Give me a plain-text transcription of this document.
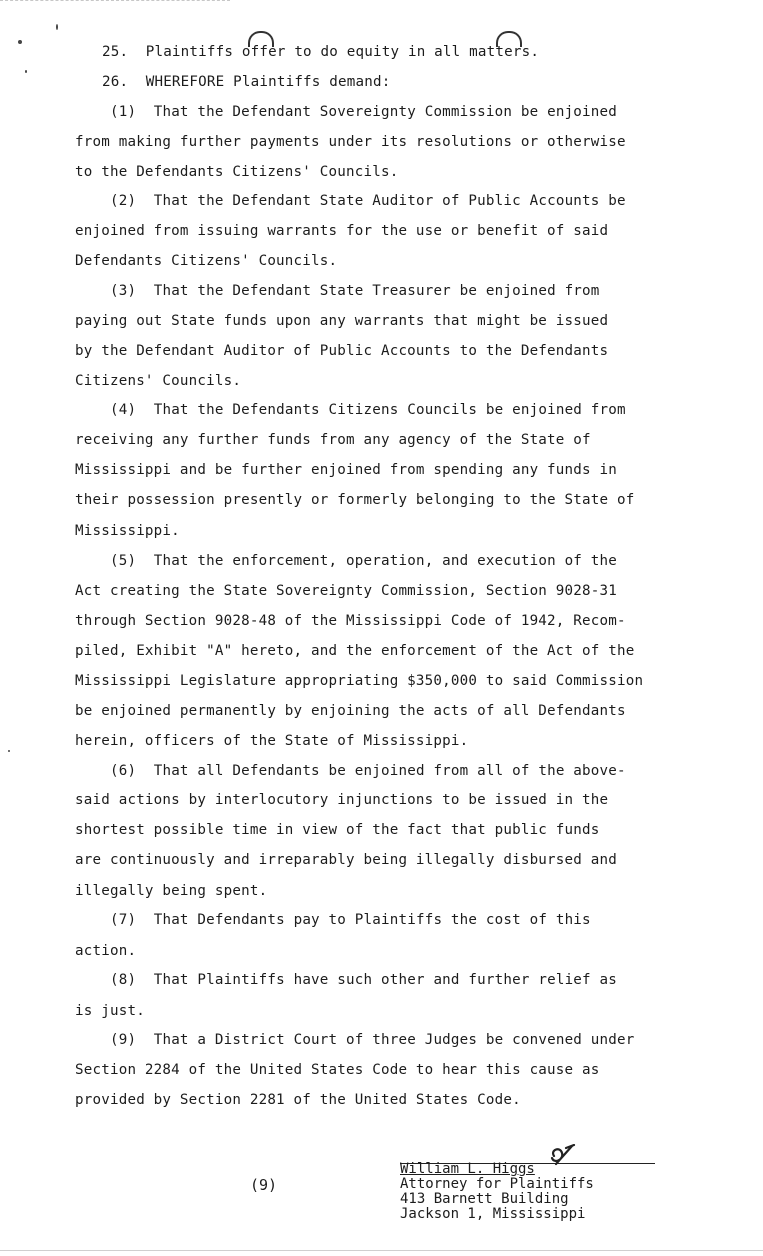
25.  Plaintiffs offer to do equity in all matters.
26.  WHEREFORE Plaintiffs demand:
(1)  That the Defendant Sovereignty Commission be enjoined
from making further payments under its resolutions or otherwise
to the Defendants Citizens' Councils.
(2)  That the Defendant State Auditor of Public Accounts be
enjoined from issuing warrants for the use or benefit of said
Defendants Citizens' Councils.
(3)  That the Defendant State Treasurer be enjoined from
paying out State funds upon any warrants that might be issued
by the Defendant Auditor of Public Accounts to the Defendants
Citizens' Councils.
(4)  That the Defendants Citizens Councils be enjoined from
receiving any further funds from any agency of the State of
Mississippi and be further enjoined from spending any funds in
their possession presently or formerly belonging to the State of
Mississippi.
(5)  That the enforcement, operation, and execution of the
Act creating the State Sovereignty Commission, Section 9028-31
through Section 9028-48 of the Mississippi Code of 1942, Recom-
piled, Exhibit "A" hereto, and the enforcement of the Act of the
Mississippi Legislature appropriating $350,000 to said Commission
be enjoined permanently by enjoining the acts of all Defendants
herein, officers of the State of Mississippi.
(6)  That all Defendants be enjoined from all of the above-
said actions by interlocutory injunctions to be issued in the
shortest possible time in view of the fact that public funds
are continuously and irreparably being illegally disbursed and
illegally being spent.
(7)  That Defendants pay to Plaintiffs the cost of this
action.
(8)  That Plaintiffs have such other and further relief as
is just.
(9)  That a District Court of three Judges be convened under
Section 2284 of the United States Code to hear this cause as
provided by Section 2281 of the United States Code.
(9)
William L. Higgs
Attorney for Plaintiffs
413 Barnett Building
Jackson 1, Mississippi
